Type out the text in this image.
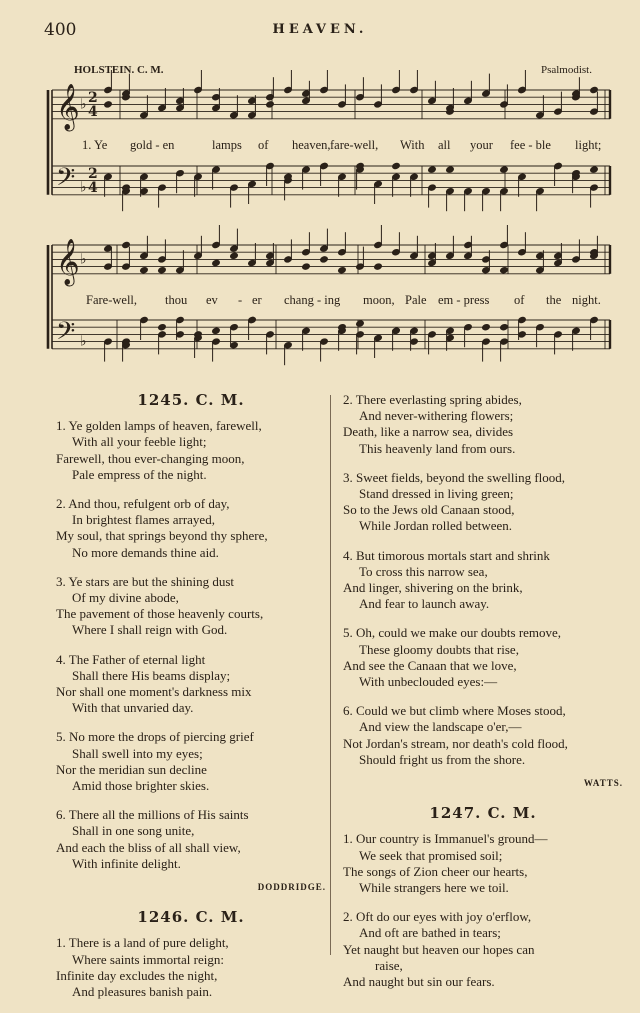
400	HEAVEN.
HOLSTEIN. C. M.	Psalmodist.
𝄞
𝄢
♭
♭
2
4
2
4
𝄞
𝄢
♭
♭
1. Ye gold - en	lamps of heaven, fare-well, With all your fee - ble light;
Fare-well, thou ev - er chang - ing moon, Pale em - press of the night.
1245. C. M.
1. Ye golden lamps of heaven, farewell,
With all your feeble light;
Farewell, thou ever-changing moon,
Pale empress of the night.
2. And thou, refulgent orb of day,
In brightest flames arrayed,
My soul, that springs beyond thy sphere,
No more demands thine aid.
3. Ye stars are but the shining dust
Of my divine abode,
The pavement of those heavenly courts,
Where I shall reign with God.
4. The Father of eternal light
Shall there His beams display;
Nor shall one moment's darkness mix
With that unvaried day.
5. No more the drops of piercing grief
Shall swell into my eyes;
Nor the meridian sun decline
Amid those brighter skies.
6. There all the millions of His saints
Shall in one song unite,
And each the bliss of all shall view,
With infinite delight.
DODDRIDGE.
1246. C. M.
1. There is a land of pure delight,
Where saints immortal reign:
Infinite day excludes the night,
And pleasures banish pain.
2. There everlasting spring abides,
And never-withering flowers;
Death, like a narrow sea, divides
This heavenly land from ours.
3. Sweet fields, beyond the swelling flood,
Stand dressed in living green;
So to the Jews old Canaan stood,
While Jordan rolled between.
4. But timorous mortals start and shrink
To cross this narrow sea,
And linger, shivering on the brink,
And fear to launch away.
5. Oh, could we make our doubts remove,
These gloomy doubts that rise,
And see the Canaan that we love,
With unbeclouded eyes:—
6. Could we but climb where Moses stood,
And view the landscape o'er,—
Not Jordan's stream, nor death's cold flood,
Should fright us from the shore.
WATTS.
1247. C. M.
1. Our country is Immanuel's ground—
We seek that promised soil;
The songs of Zion cheer our hearts,
While strangers here we toil.
2. Oft do our eyes with joy o'erflow,
And oft are bathed in tears;
Yet naught but heaven our hopes can
raise,
And naught but sin our fears.
